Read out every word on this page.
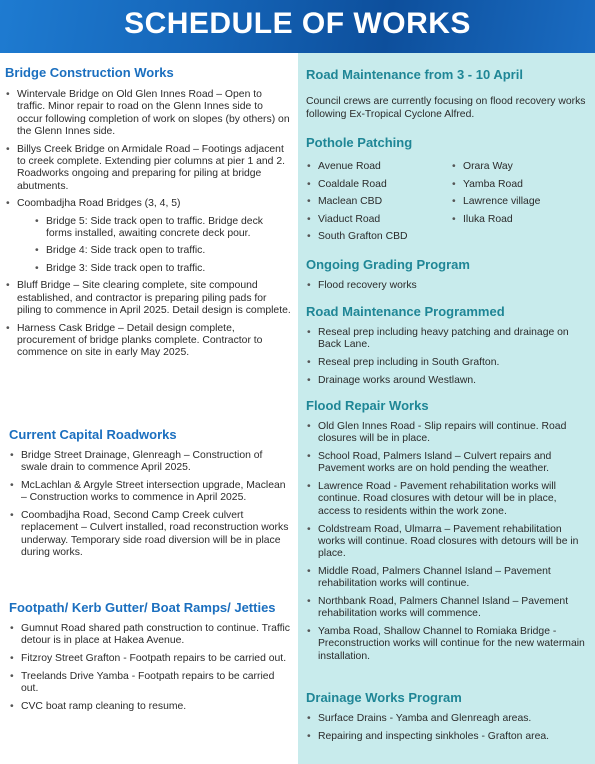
SCHEDULE OF WORKS
Bridge Construction Works
• Wintervale Bridge on Old Glen Innes Road – Open to traffic. Minor repair to road on the Glenn Innes side to occur following completion of work on slopes (by others) on the Glenn Innes side.
• Billys Creek Bridge on Armidale Road – Footings adjacent to creek complete. Extending pier columns at pier 1 and 2. Roadworks ongoing and preparing for piling at bridge abutments.
• Coombadjha Road Bridges (3, 4, 5)
• Bridge 5: Side track open to traffic. Bridge deck forms installed, awaiting concrete deck pour.
• Bridge 4: Side track open to traffic.
• Bridge 3: Side track open to traffic.
• Bluff Bridge – Site clearing complete, site compound established, and contractor is preparing piling pads for piling to commence in April 2025. Detail design is complete.
• Harness Cask Bridge – Detail design complete, procurement of bridge planks complete. Contractor to commence on site in early May 2025.
Current Capital Roadworks
• Bridge Street Drainage, Glenreagh – Construction of swale drain to commence April 2025.
• McLachlan & Argyle Street intersection upgrade, Maclean – Construction works to commence in April 2025.
• Coombadjha Road, Second Camp Creek culvert replacement – Culvert installed, road reconstruction works underway. Temporary side road diversion will be in place during works.
Footpath/ Kerb Gutter/ Boat Ramps/ Jetties
• Gumnut Road shared path construction to continue. Traffic detour is in place at Hakea Avenue.
• Fitzroy Street Grafton - Footpath repairs to be carried out.
• Treelands Drive Yamba - Footpath repairs to be carried out.
• CVC boat ramp cleaning to resume.
Road Maintenance from 3 - 10 April

Council crews are currently focusing on flood recovery works following Ex-Tropical Cyclone Alfred.

Pothole Patching
• Avenue Road
• Coaldale Road
• Maclean CBD
• Viaduct Road
• South Grafton CBD
• Orara Way
• Yamba Road
• Lawrence village
• Iluka Road
Ongoing Grading Program
• Flood recovery works
Road Maintenance Programmed
• Reseal prep including heavy patching and drainage on Back Lane.
• Reseal prep including in South Grafton.
• Drainage works around Westlawn.
Flood Repair Works
• Old Glen Innes Road - Slip repairs will continue. Road closures will be in place.
• School Road, Palmers Island – Culvert repairs and Pavement works are on hold pending the weather.
• Lawrence Road - Pavement rehabilitation works will continue. Road closures with detour will be in place, access to residents within the work zone.
• Coldstream Road, Ulmarra – Pavement rehabilitation works will continue. Road closures with detours will be in place.
• Middle Road, Palmers Channel Island – Pavement rehabilitation works will continue.
• Northbank Road, Palmers Channel Island – Pavement rehabilitation works will commence.
• Yamba Road, Shallow Channel to Romiaka Bridge - Preconstruction works will continue for the new watermain installation.
Drainage Works Program
• Surface Drains - Yamba and Glenreagh areas.
• Repairing and inspecting sinkholes - Grafton area.
